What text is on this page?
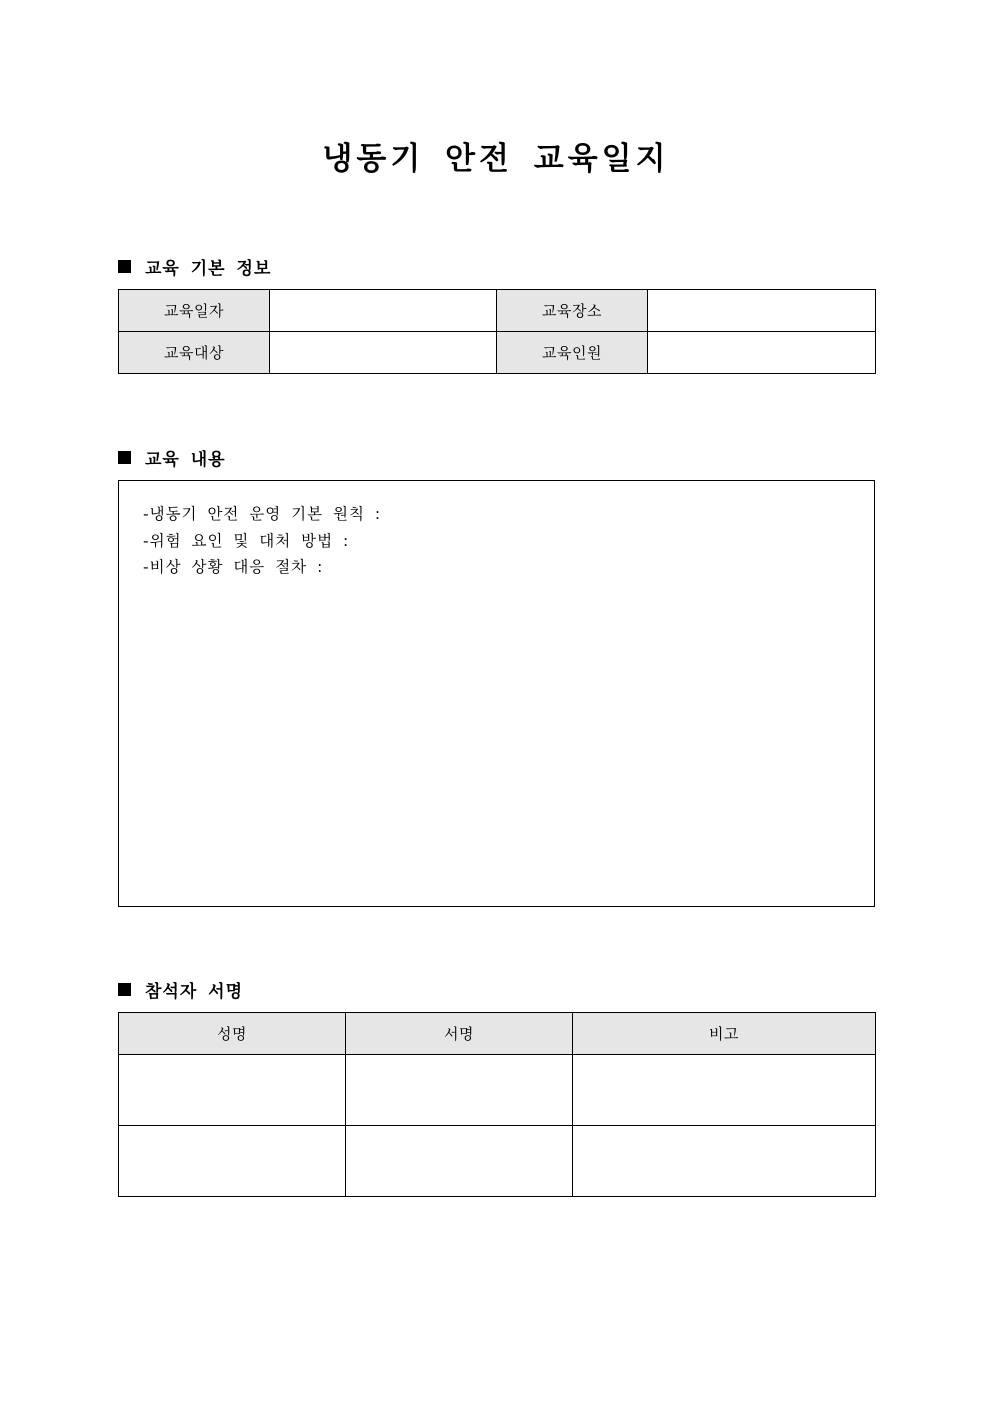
냉동기 안전 교육일지
교육 기본 정보
교육일자		교육장소	
교육대상		교육인원	
교육 내용
-냉동기 안전 운영 기본 원칙 :
-위험 요인 및 대처 방법 :
-비상 상황 대응 절차 :
참석자 서명
성명	서명	비고
